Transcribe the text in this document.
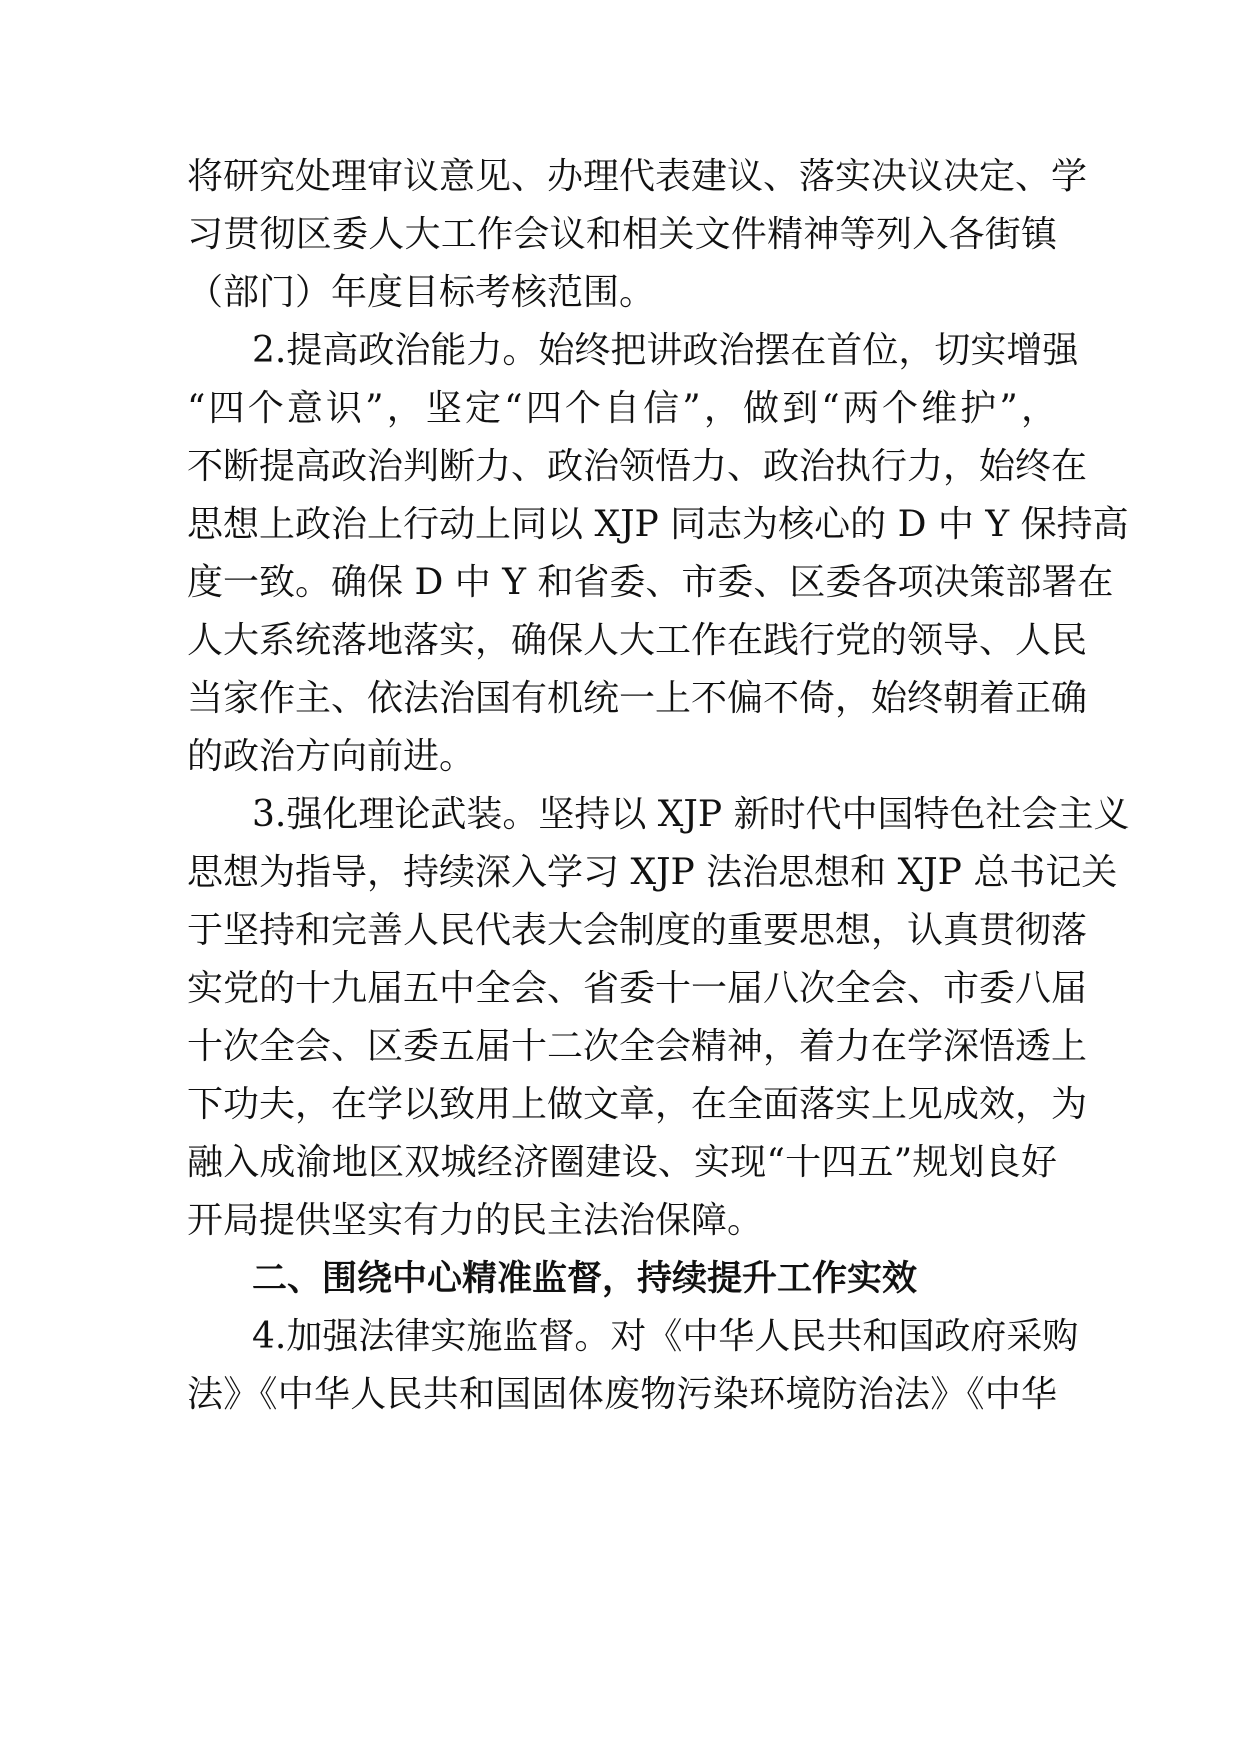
将研究处理审议意见、办理代表建议、落实决议决定、学
习贯彻区委人大工作会议和相关文件精神等列入各街镇
（部门）年度目标考核范围。
2.提高政治能力。始终把讲政治摆在首位，切实增强
“四个意识”，坚定“四个自信”，做到“两个维护”，
不断提高政治判断力、政治领悟力、政治执行力，始终在
思想上政治上行动上同以 XJP 同志为核心的 D 中 Y 保持高
度一致。确保 D 中 Y 和省委、市委、区委各项决策部署在
人大系统落地落实，确保人大工作在践行党的领导、人民
当家作主、依法治国有机统一上不偏不倚，始终朝着正确
的政治方向前进。
3.强化理论武装。坚持以 XJP 新时代中国特色社会主义
思想为指导，持续深入学习 XJP 法治思想和 XJP 总书记关
于坚持和完善人民代表大会制度的重要思想，认真贯彻落
实党的十九届五中全会、省委十一届八次全会、市委八届
十次全会、区委五届十二次全会精神，着力在学深悟透上
下功夫，在学以致用上做文章，在全面落实上见成效，为
融入成渝地区双城经济圈建设、实现“十四五”规划良好
开局提供坚实有力的民主法治保障。
二、围绕中心精准监督，持续提升工作实效
4.加强法律实施监督。对《中华人民共和国政府采购
法》《中华人民共和国固体废物污染环境防治法》《中华
